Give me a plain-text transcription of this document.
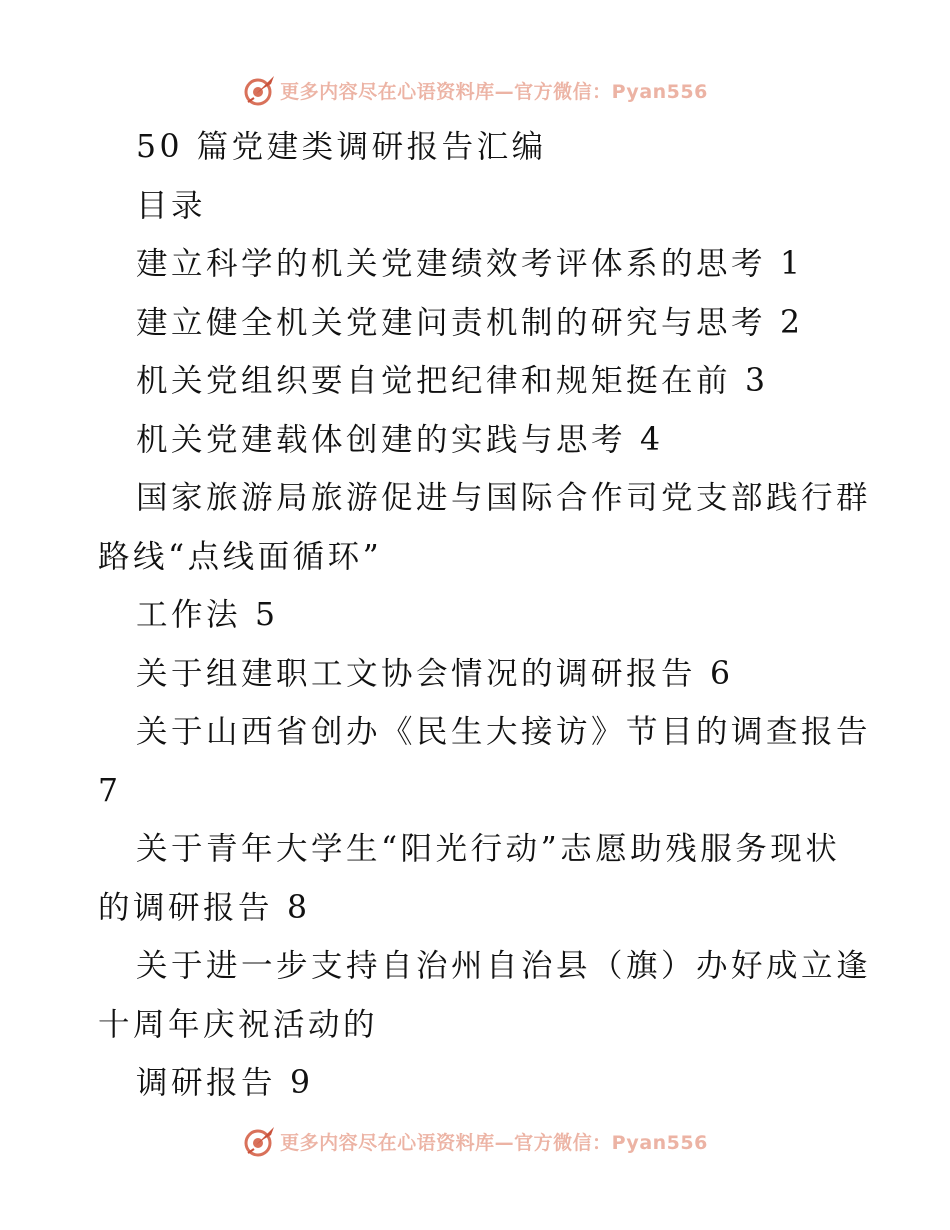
更多内容尽在心语资料库—官方微信：Pyan556

50 篇党建类调研报告汇编

目录

建立科学的机关党建绩效考评体系的思考 1

建立健全机关党建问责机制的研究与思考 2

机关党组织要自觉把纪律和规矩挺在前 3

机关党建载体创建的实践与思考 4

国家旅游局旅游促进与国际合作司党支部践行群

路线“点线面循环”

工作法 5

关于组建职工文协会情况的调研报告 6

关于山西省创办《民生大接访》节目的调查报告

7

关于青年大学生“阳光行动”志愿助残服务现状

的调研报告 8

关于进一步支持自治州自治县（旗）办好成立逢

十周年庆祝活动的

调研报告 9

更多内容尽在心语资料库—官方微信：Pyan556
